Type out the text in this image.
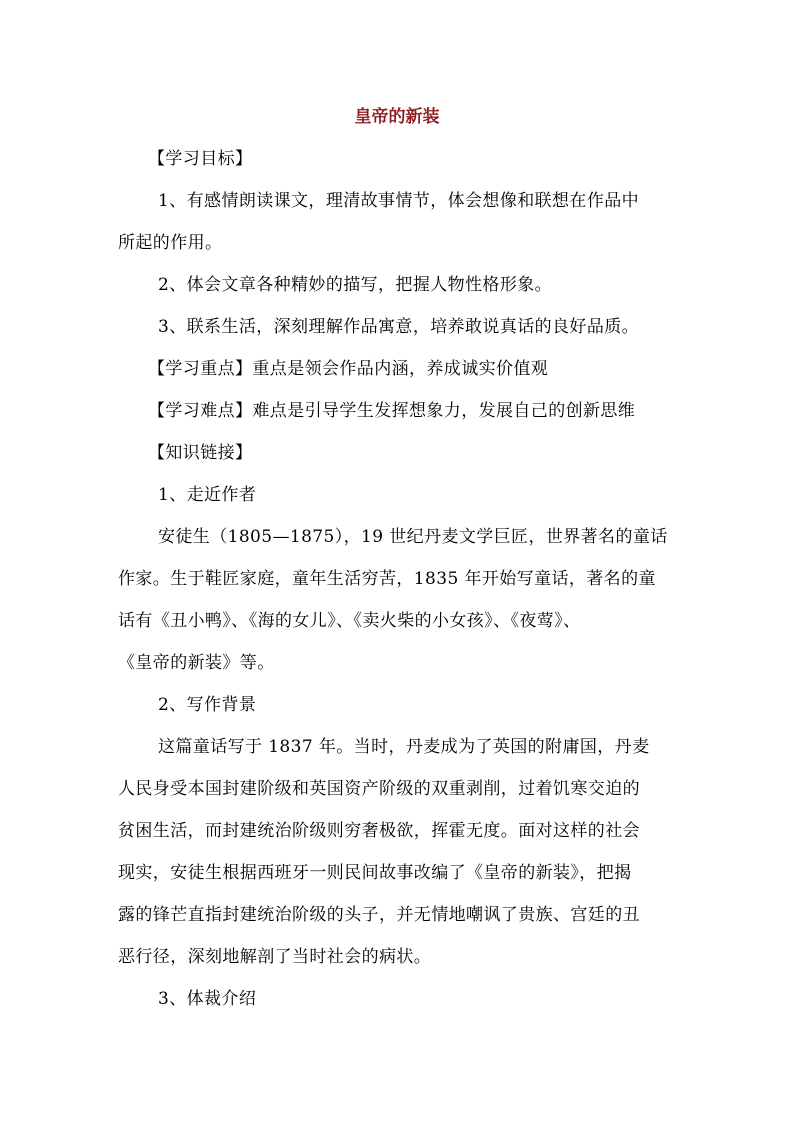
皇帝的新装
【学习目标】
1、有感情朗读课文，理清故事情节，体会想像和联想在作品中
所起的作用。
2、体会文章各种精妙的描写，把握人物性格形象。
3、联系生活，深刻理解作品寓意，培养敢说真话的良好品质。
【学习重点】重点是领会作品内涵，养成诚实价值观
【学习难点】难点是引导学生发挥想象力，发展自己的创新思维
【知识链接】
1、走近作者
安徒生（1805—1875），19 世纪丹麦文学巨匠，世界著名的童话
作家。生于鞋匠家庭，童年生活穷苦，1835 年开始写童话，著名的童
话有《丑小鸭》、《海的女儿》、《卖火柴的小女孩》、《夜莺》、
《皇帝的新装》等。
2、写作背景
这篇童话写于 1837 年。当时，丹麦成为了英国的附庸国，丹麦
人民身受本国封建阶级和英国资产阶级的双重剥削，过着饥寒交迫的
贫困生活，而封建统治阶级则穷奢极欲，挥霍无度。面对这样的社会
现实，安徒生根据西班牙一则民间故事改编了《皇帝的新装》，把揭
露的锋芒直指封建统治阶级的头子，并无情地嘲讽了贵族、宫廷的丑
恶行径，深刻地解剖了当时社会的病状。
3、体裁介绍
